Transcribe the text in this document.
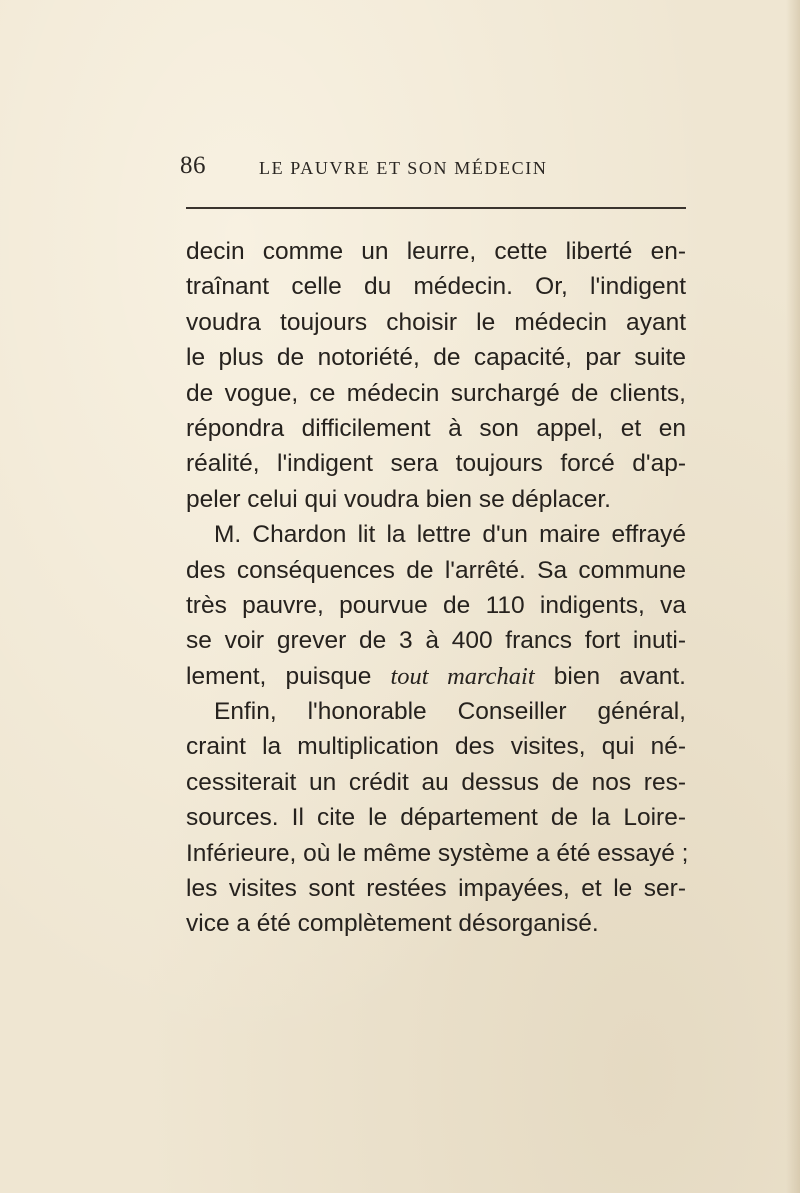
86	LE PAUVRE ET SON MÉDECIN
decin comme un leurre, cette liberté en-
traînant celle du médecin. Or, l'indigent
voudra toujours choisir le médecin ayant
le plus de notoriété, de capacité, par suite
de vogue, ce médecin surchargé de clients,
répondra difficilement à son appel, et en
réalité, l'indigent sera toujours forcé d'ap-
peler celui qui voudra bien se déplacer.
M. Chardon lit la lettre d'un maire effrayé
des conséquences de l'arrêté. Sa commune
très pauvre, pourvue de 110 indigents, va
se voir grever de 3 à 400 francs fort inuti-
lement, puisque tout marchait bien avant.
Enfin, l'honorable Conseiller général,
craint la multiplication des visites, qui né-
cessiterait un crédit au dessus de nos res-
sources. Il cite le département de la Loire-
Inférieure, où le même système a été essayé ;
les visites sont restées impayées, et le ser-
vice a été complètement désorganisé.
